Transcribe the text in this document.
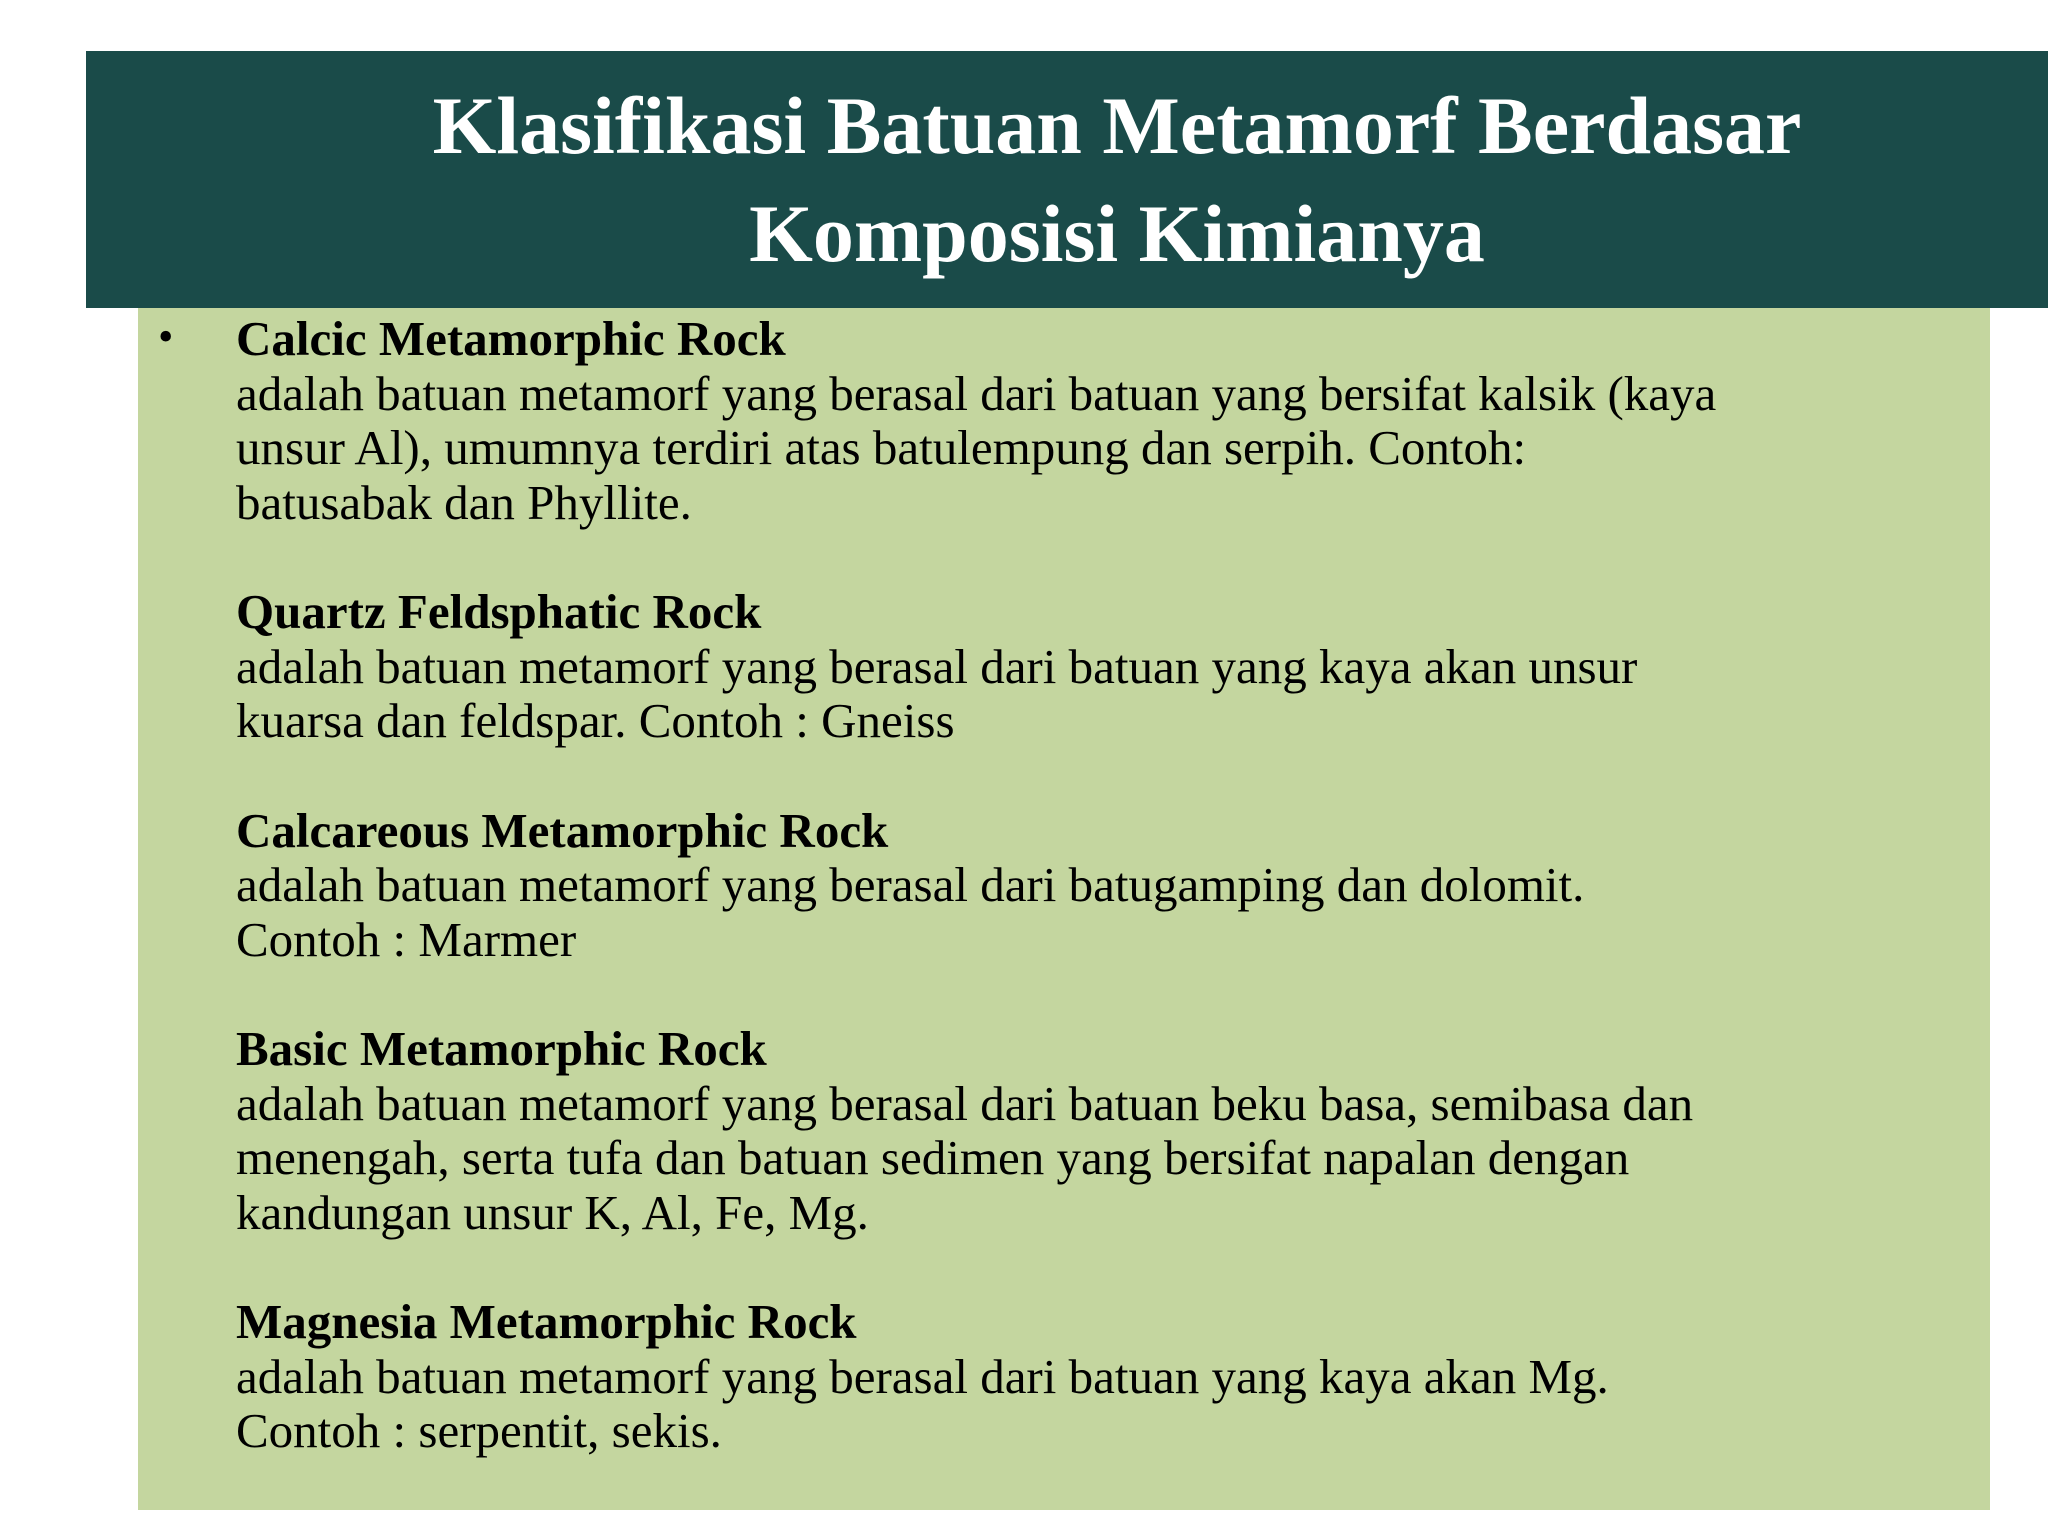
Klasifikasi Batuan Metamorf Berdasar
Komposisi Kimianya
• Calcic Metamorphic Rock
adalah batuan metamorf yang berasal dari batuan yang bersifat kalsik (kaya
unsur Al), umumnya terdiri atas batulempung dan serpih. Contoh:
batusabak dan Phyllite.
Quartz Feldsphatic Rock
adalah batuan metamorf yang berasal dari batuan yang kaya akan unsur
kuarsa dan feldspar. Contoh : Gneiss
Calcareous Metamorphic Rock
adalah batuan metamorf yang berasal dari batugamping dan dolomit.
Contoh : Marmer
Basic Metamorphic Rock
adalah batuan metamorf yang berasal dari batuan beku basa, semibasa dan
menengah, serta tufa dan batuan sedimen yang bersifat napalan dengan
kandungan unsur K, Al, Fe, Mg.
Magnesia Metamorphic Rock
adalah batuan metamorf yang berasal dari batuan yang kaya akan Mg.
Contoh : serpentit, sekis.
